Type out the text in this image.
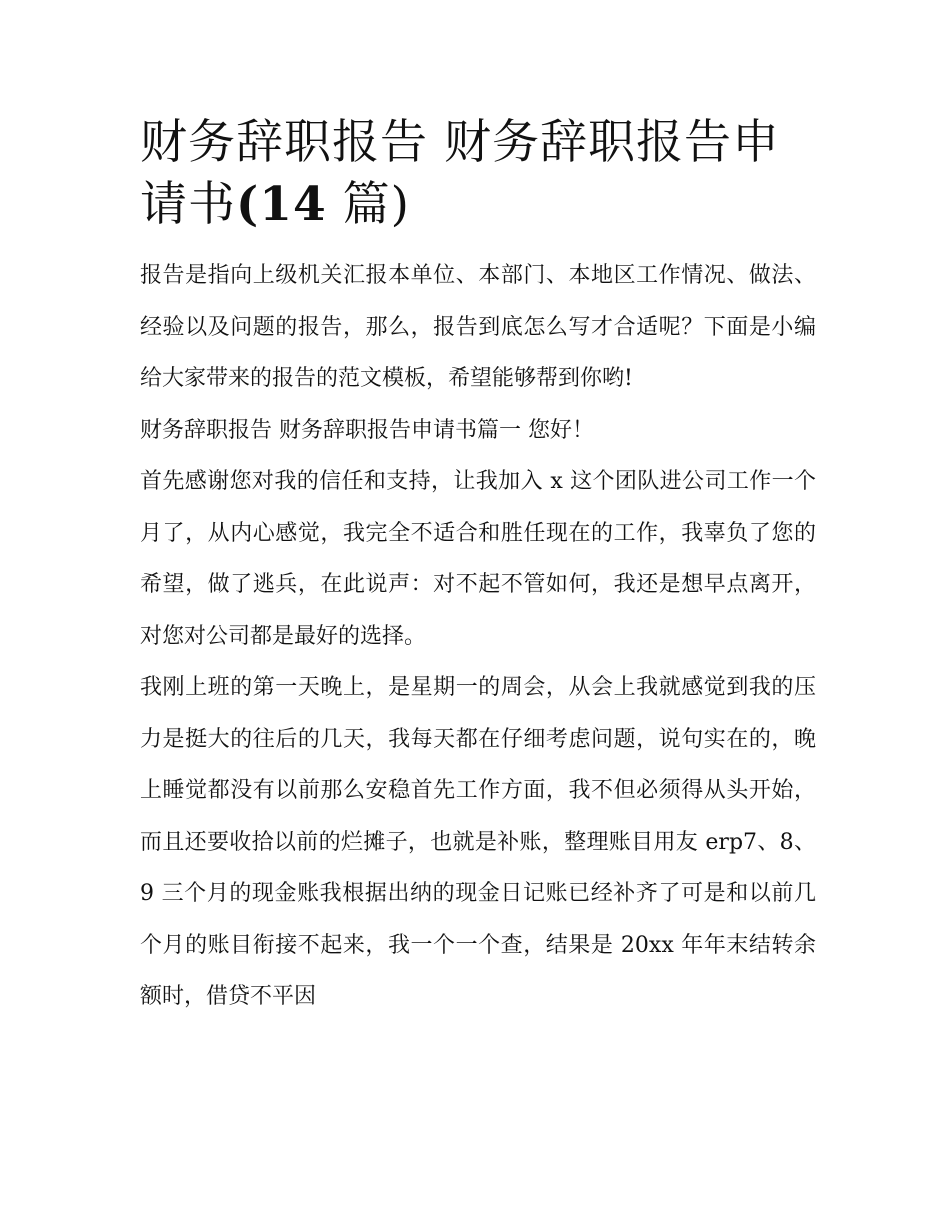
财务辞职报告 财务辞职报告申
请书(14 篇)

报告是指向上级机关汇报本单位、本部门、本地区工作情况、做法、经验以及问题的报告，那么，报告到底怎么写才合适呢？下面是小编给大家带来的报告的范文模板，希望能够帮到你哟!

财务辞职报告 财务辞职报告申请书篇一 您好！

首先感谢您对我的信任和支持，让我加入 x 这个团队进公司工作一个月了，从内心感觉，我完全不适合和胜任现在的工作，我辜负了您的希望，做了逃兵，在此说声：对不起不管如何，我还是想早点离开，对您对公司都是最好的选择。

我刚上班的第一天晚上，是星期一的周会，从会上我就感觉到我的压力是挺大的往后的几天，我每天都在仔细考虑问题，说句实在的，晚上睡觉都没有以前那么安稳首先工作方面，我不但必须得从头开始，而且还要收拾以前的烂摊子，也就是补账，整理账目用友 erp7、8、9 三个月的现金账我根据出纳的现金日记账已经补齐了可是和以前几个月的账目衔接不起来，我一个一个查，结果是 20xx 年年末结转余额时，借贷不平因
